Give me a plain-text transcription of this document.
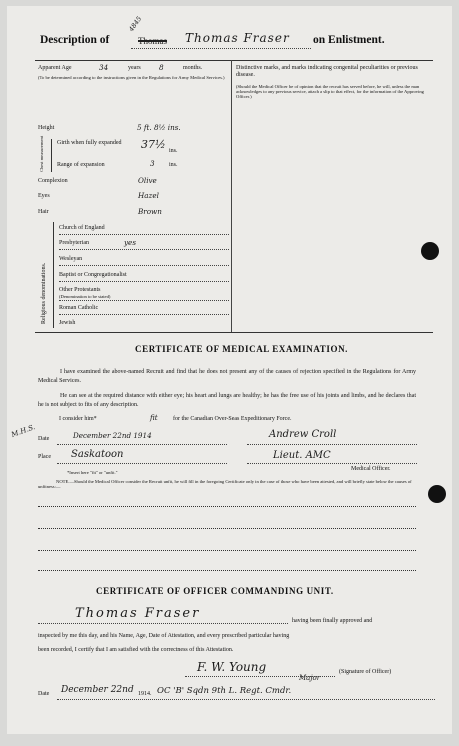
Description of	Thomas Thomas Fraser on Enlistment.
4845
Apparent Age	34	years	8	months.
(To be determined according to the instructions given in the Regulations for Army Medical Services.)
Height	5 ft. 8½ ins.
Chest measurement Girth when fully expanded	37½ ins.
Range of expansion	3 ins.
Complexion	Olive
Eyes	Hazel
Hair	Brown
Religious denominations.
Church of England
Presbyterian	yes
Wesleyan
Baptist or Congregationalist
Other Protestants
(Denomination to be stated)
Roman Catholic
Jewish
Distinctive marks, and marks indicating congenital peculiarities or previous disease.
(Should the Medical Officer be of opinion that the recruit has served before, he will, unless the man acknowledges to any previous service, attach a slip to that effect, for the information of the Approving Officer.)
CERTIFICATE OF MEDICAL EXAMINATION.
I have examined the above-named Recruit and find that he does not present any of the causes of rejection specified in the Regulations for Army Medical Services.
He can see at the required distance with either eye; his heart and lungs are healthy; he has the free use of his joints and limbs, and he declares that he is not subject to fits of any description.
I consider him*	fit	for the Canadian Over-Seas Expeditionary Force.
M.H.S.
Date	December 22nd 1914	Andrew Croll
Place Saskatoon	Lieut. AMC
Medical Officer.
*Insert here "fit" or "unfit."
NOTE.—Should the Medical Officer consider the Recruit unfit, he will fill in the foregoing Certificate only in the case of those who have been attested, and will briefly state below the causes of unfitness:—
CERTIFICATE OF OFFICER COMMANDING UNIT.
Thomas Fraser	having been finally approved and
inspected by me this day, and his Name, Age, Date of Attestation, and every prescribed particular having
been recorded, I certify that I am satisfied with the correctness of this Attestation.
F. W. Young
Major
(Signature of Officer)
Date December 22nd 1914. OC 'B' Sqdn 9th L. Regt. Cmdr.
